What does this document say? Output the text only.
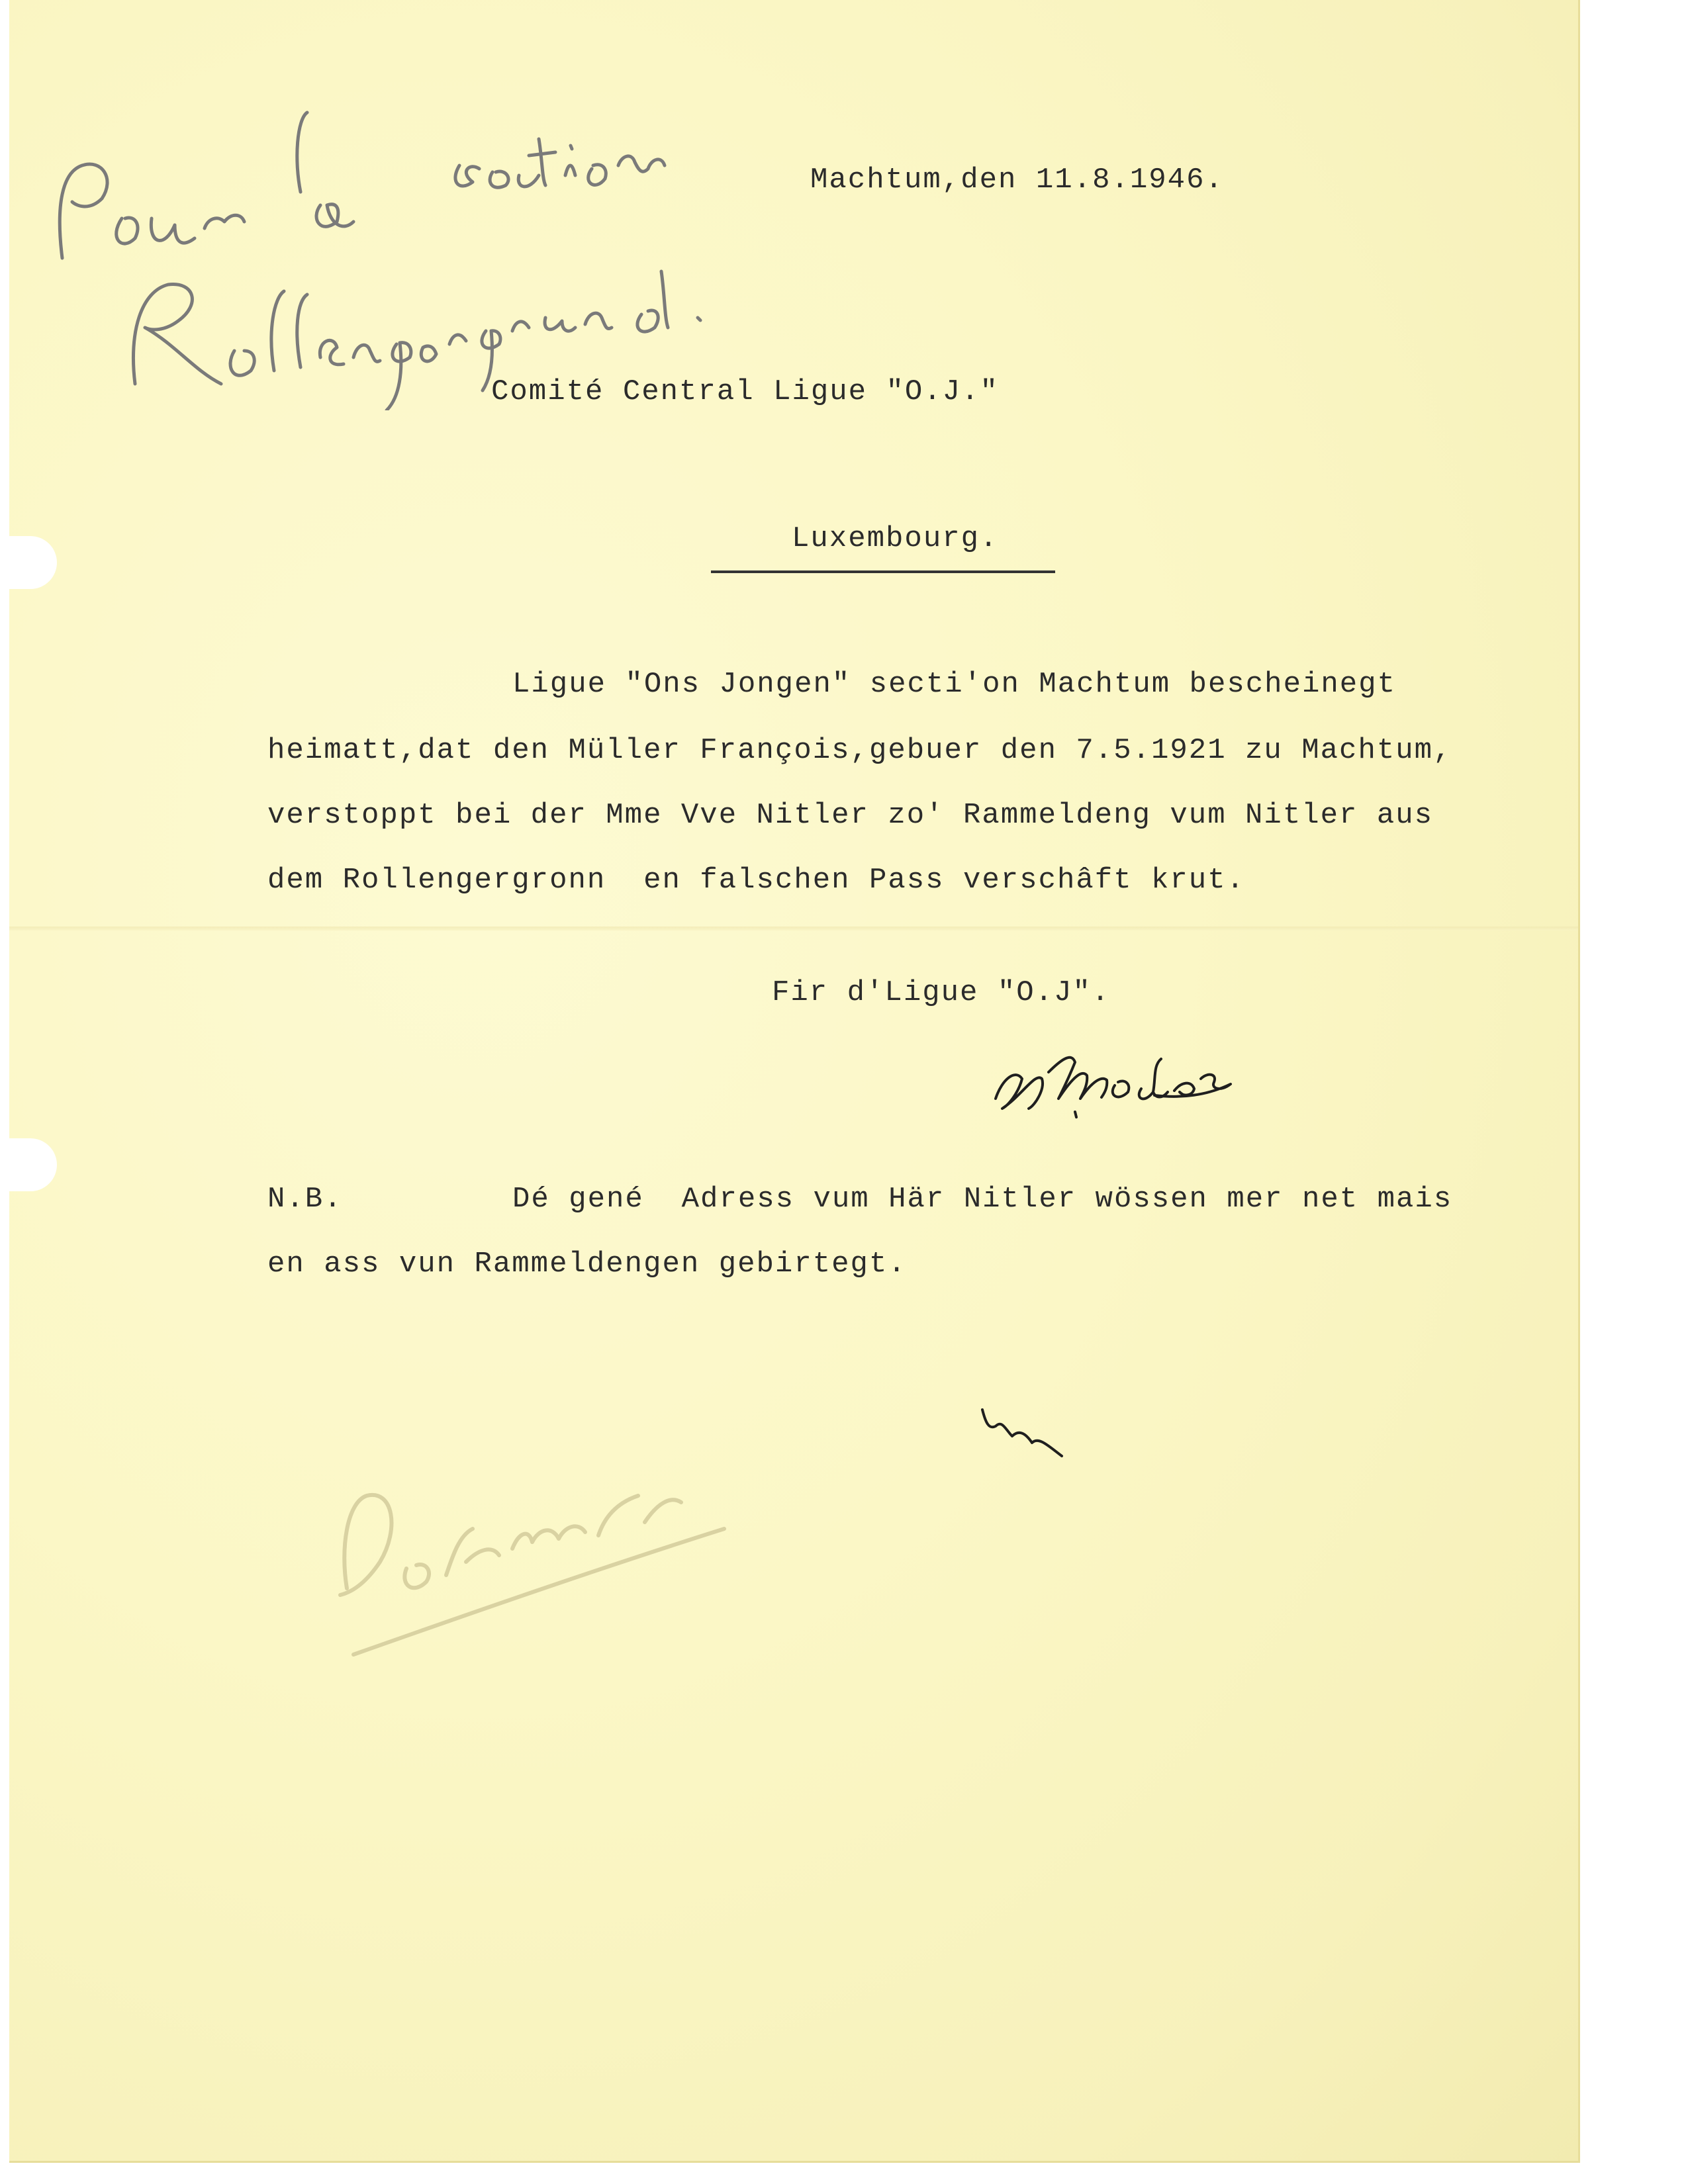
Machtum,den 11.8.1946.
Comité Central Ligue "O.J."
Luxembourg.
Ligue "Ons Jongen" secti'on Machtum bescheinegt
heimatt,dat den Müller François,gebuer den 7.5.1921 zu Machtum,
verstoppt bei der Mme Vve Nitler zo' Rammeldeng vum Nitler aus
dem Rollengergronn  en falschen Pass verschâft krut.
Fir d'Ligue "O.J".
N.B.	Dé gené  Adress vum Här Nitler wössen mer net mais
en ass vun Rammeldengen gebirtegt.
